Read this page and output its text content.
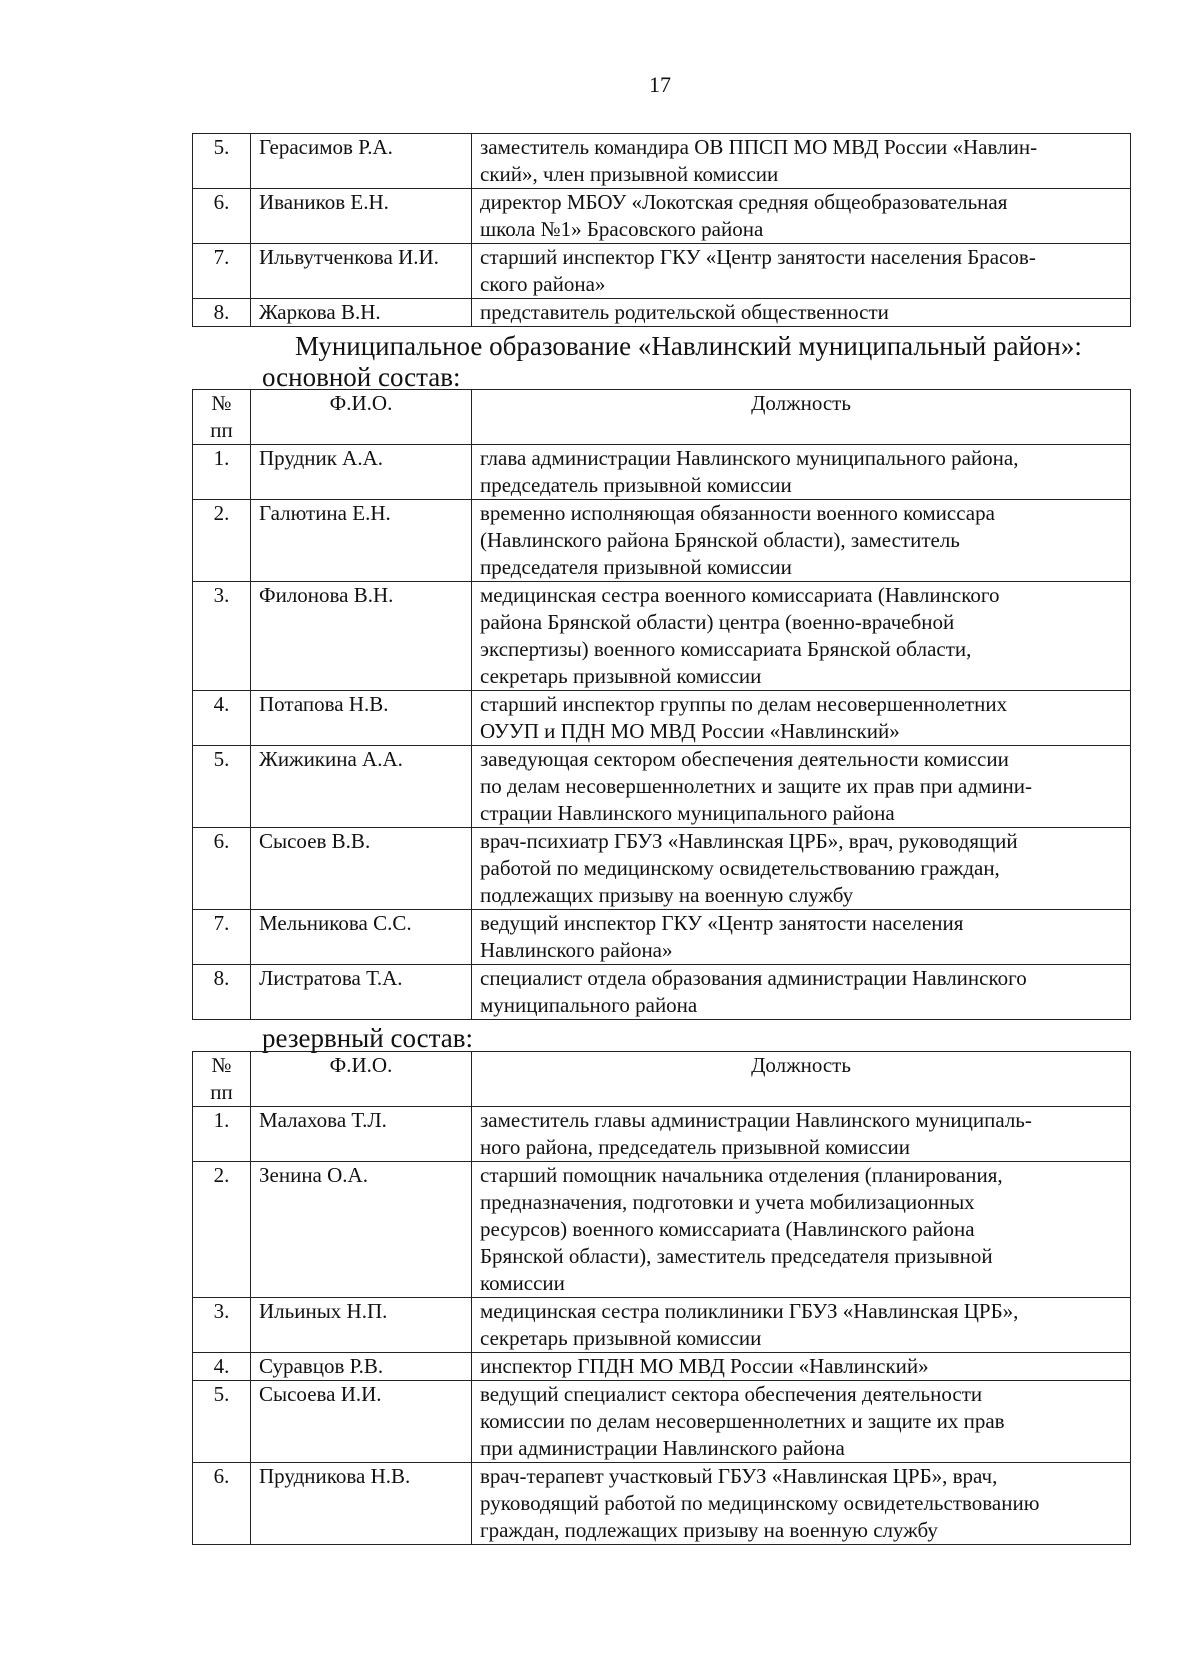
17
5.	Герасимов Р.А.	заместитель командира ОВ ППСП МО МВД России «Навлин-
ский», член призывной комиссии

6.	Иваников Е.Н.	директор МБОУ «Локотская средняя общеобразовательная
школа №1» Брасовского района

7.	Ильвутченкова И.И.	старший инспектор ГКУ «Центр занятости населения Брасов-
ского района»

8.	Жаркова В.Н.	представитель родительской общественности
Муниципальное образование «Навлинский муниципальный район»:
основной состав:
№
пп	Ф.И.О.	Должность
1.	Прудник А.А.	глава администрации Навлинского муниципального района,
председатель призывной комиссии

2.	Галютина Е.Н.	временно исполняющая обязанности военного комиссара
(Навлинского района Брянской области), заместитель
председателя призывной комиссии

3.	Филонова В.Н.	медицинская сестра военного комиссариата (Навлинского
района Брянской области) центра (военно-врачебной
экспертизы) военного комиссариата Брянской области,
секретарь призывной комиссии

4.	Потапова Н.В.	старший инспектор группы по делам несовершеннолетних
ОУУП и ПДН МО МВД России «Навлинский»

5.	Жижикина А.А.	заведующая сектором обеспечения деятельности комиссии
по делам несовершеннолетних и защите их прав при админи-
страции Навлинского муниципального района

6.	Сысоев В.В.	врач-психиатр ГБУЗ «Навлинская ЦРБ», врач, руководящий
работой по медицинскому освидетельствованию граждан,
подлежащих призыву на военную службу

7.	Мельникова С.С.	ведущий инспектор ГКУ «Центр занятости населения
Навлинского района»

8.	Листратова Т.А.	специалист отдела образования администрации Навлинского
муниципального района
резервный состав:
№
пп	Ф.И.О.	Должность
1.	Малахова Т.Л.	заместитель главы администрации Навлинского муниципаль-
ного района, председатель призывной комиссии

2.	Зенина О.А.	старший помощник начальника отделения (планирования,
предназначения, подготовки и учета мобилизационных
ресурсов) военного комиссариата (Навлинского района
Брянской области), заместитель председателя призывной
комиссии

3.	Ильиных Н.П.	медицинская сестра поликлиники ГБУЗ «Навлинская ЦРБ»,
секретарь призывной комиссии

4.	Суравцов Р.В.	инспектор ГПДН МО МВД России «Навлинский»

5.	Сысоева И.И.	ведущий специалист сектора обеспечения деятельности
комиссии по делам несовершеннолетних и защите их прав
при администрации Навлинского района

6.	Прудникова Н.В.	врач-терапевт участковый ГБУЗ «Навлинская ЦРБ», врач,
руководящий работой по медицинскому освидетельствованию
граждан, подлежащих призыву на военную службу
